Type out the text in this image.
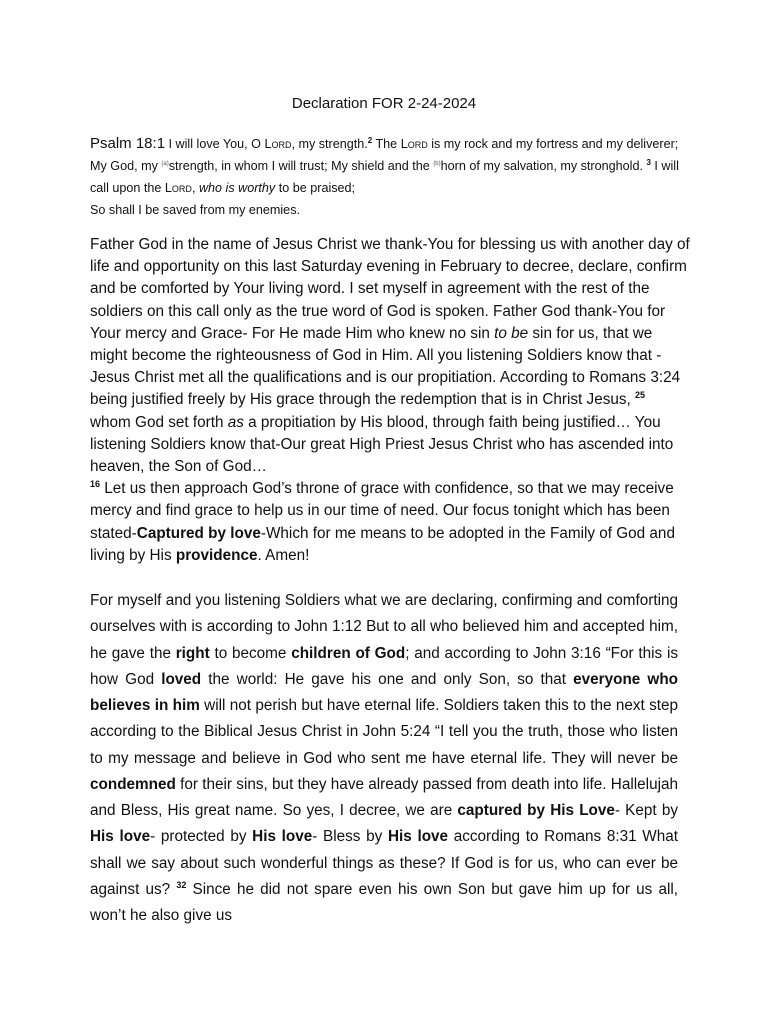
Declaration FOR 2-24-2024
Psalm 18:1 I will love You, O Lord, my strength.$^2$ The Lord is my rock and my fortress and my deliverer; My God, my $^{(a)}$strength, in whom I will trust; My shield and the $^{(b)}$horn of my salvation, my stronghold. $^3$ I will call upon the Lord, who is worthy to be praised;
So shall I be saved from my enemies.
Father God in the name of Jesus Christ we thank-You for blessing us with another day of life and opportunity on this last Saturday evening in February to decree, declare, confirm and be comforted by Your living word. I set myself in agreement with the rest of the soldiers on this call only as the true word of God is spoken. Father God thank-You for Your mercy and Grace- For He made Him who knew no sin to be sin for us, that we might become the righteousness of God in Him. All you listening Soldiers know that -Jesus Christ met all the qualifications and is our propitiation. According to Romans 3:24 being justified freely by His grace through the redemption that is in Christ Jesus, $^{25}$ whom God set forth as a propitiation by His blood, through faith being justified… You listening Soldiers know that-Our great High Priest Jesus Christ who has ascended into heaven, the Son of God…
$^{16}$ Let us then approach God’s throne of grace with confidence, so that we may receive mercy and find grace to help us in our time of need. Our focus tonight which has been stated-Captured by love-Which for me means to be adopted in the Family of God and living by His providence. Amen!
For myself and you listening Soldiers what we are declaring, confirming and comforting ourselves with is according to John 1:12 But to all who believed him and accepted him, he gave the right to become children of God; and according to John 3:16 “For this is how God loved the world: He gave his one and only Son, so that everyone who believes in him will not perish but have eternal life. Soldiers taken this to the next step according to the Biblical Jesus Christ in John 5:24 “I tell you the truth, those who listen to my message and believe in God who sent me have eternal life. They will never be condemned for their sins, but they have already passed from death into life. Hallelujah and Bless, His great name. So yes, I decree, we are captured by His Love- Kept by His love- protected by His love- Bless by His love according to Romans 8:31 What shall we say about such wonderful things as these? If God is for us, who can ever be against us? $^{32}$ Since he did not spare even his own Son but gave him up for us all, won’t he also give us
